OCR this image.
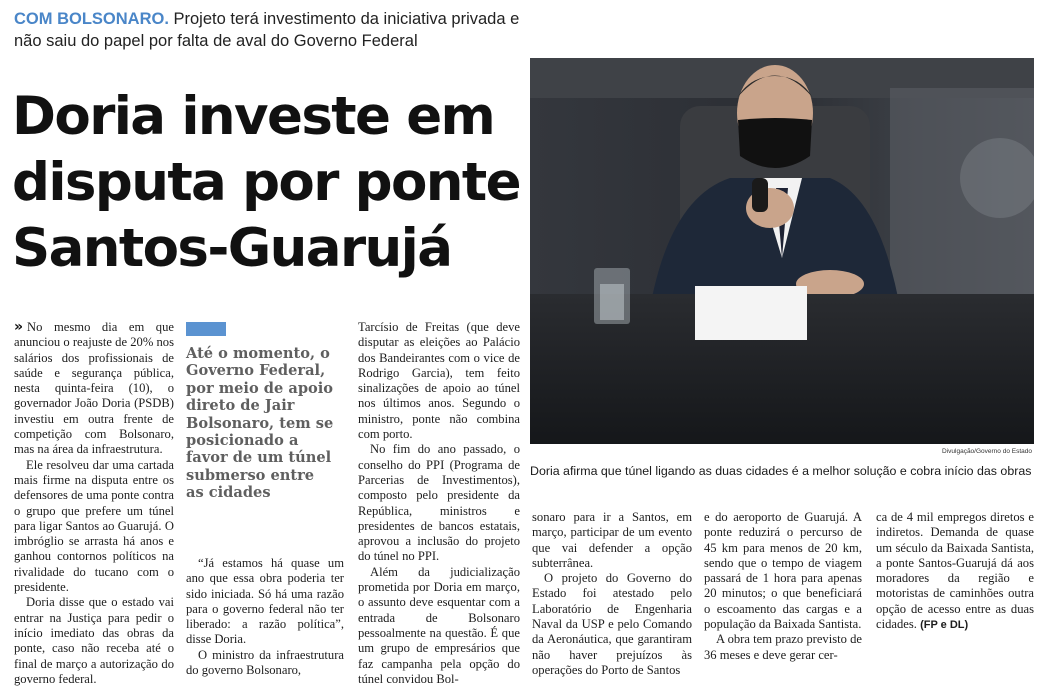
COM BOLSONARO. Projeto terá investimento da iniciativa privada e não saiu do papel por falta de aval do Governo Federal
Doria investe em disputa por ponte Santos-Guarujá
Divulgação/Governo do Estado
Doria afirma que túnel ligando as duas cidades é a melhor solução e cobra início das obras

» No mesmo dia em que anunciou o reajuste de 20% nos salários dos profissionais de saúde e segurança pública, nesta quinta-feira (10), o governador João Doria (PSDB) investiu em outra frente de competição com Bolsonaro, mas na área da infraestrutura.

Ele resolveu dar uma cartada mais firme na disputa entre os defensores de uma ponte contra o grupo que prefere um túnel para ligar Santos ao Guarujá. O imbróglio se arrasta há anos e ganhou contornos políticos na rivalidade do tucano com o presidente.

Doria disse que o estado vai entrar na Justiça para pedir o início imediato das obras da ponte, caso não receba até o final de março a autorização do governo federal.

Até o momento, o Governo Federal, por meio de apoio direto de Jair Bolsonaro, tem se posicionado a favor de um túnel submerso entre as cidades

“Já estamos há quase um ano que essa obra poderia ter sido iniciada. Só há uma razão para o governo federal não ter liberado: a razão política”, disse Doria.

O ministro da infraestrutura do governo Bolsonaro,

Tarcísio de Freitas (que deve disputar as eleições ao Palácio dos Bandeirantes com o vice de Rodrigo Garcia), tem feito sinalizações de apoio ao túnel nos últimos anos. Segundo o ministro, ponte não combina com porto.

No fim do ano passado, o conselho do PPI (Programa de Parcerias de Investimentos), composto pelo presidente da República, ministros e presidentes de bancos estatais, aprovou a inclusão do projeto do túnel no PPI.

Além da judicialização prometida por Doria em março, o assunto deve esquentar com a entrada de Bolsonaro pessoalmente na questão. É que um grupo de empresários que faz campanha pela opção do túnel convidou Bol-

sonaro para ir a Santos, em março, participar de um evento que vai defender a opção subterrânea.

O projeto do Governo do Estado foi atestado pelo Laboratório de Engenharia Naval da USP e pelo Comando da Aeronáutica, que garantiram não haver prejuízos às operações do Porto de Santos

e do aeroporto de Guarujá. A ponte reduzirá o percurso de 45 km para menos de 20 km, sendo que o tempo de viagem passará de 1 hora para apenas 20 minutos; o que beneficiará o escoamento das cargas e a população da Baixada Santista.

A obra tem prazo previsto de 36 meses e deve gerar cer-

ca de 4 mil empregos diretos e indiretos. Demanda de quase um século da Baixada Santista, a ponte Santos-Guarujá dá aos moradores da região e motoristas de caminhões outra opção de acesso entre as duas cidades. (FP e DL)
